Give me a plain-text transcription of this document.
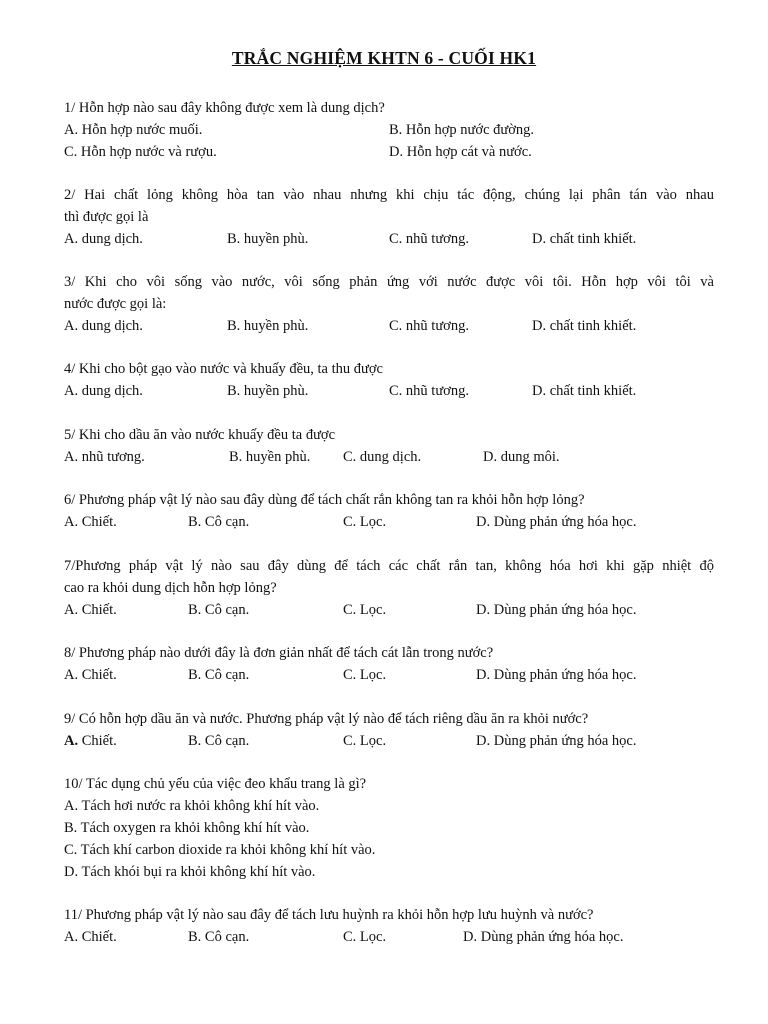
TRẮC NGHIỆM KHTN 6 - CUỐI HK1
1/ Hỗn hợp nào sau đây không được xem là dung dịch?
A. Hỗn hợp nước muối.	B. Hỗn hợp nước đường.
C. Hỗn hợp nước và rượu.	D. Hỗn hợp cát và nước.
2/ Hai chất lỏng không hòa tan vào nhau nhưng khi chịu tác động, chúng lại phân tán vào nhau
thì được gọi là
A. dung dịch.	B. huyền phù.	C. nhũ tương.	D. chất tinh khiết.
3/ Khi cho vôi sống vào nước, vôi sống phản ứng với nước được vôi tôi. Hỗn hợp vôi tôi và
nước được gọi là:
A. dung dịch.	B. huyền phù.	C. nhũ tương.	D. chất tinh khiết.
4/ Khi cho bột gạo vào nước và khuấy đều, ta thu được
A. dung dịch.	B. huyền phù.	C. nhũ tương.	D. chất tinh khiết.
5/ Khi cho dầu ăn vào nước khuấy đều ta được
A. nhũ tương.	B. huyền phù. C. dung dịch.	D. dung môi.
6/ Phương pháp vật lý nào sau đây dùng để tách chất rắn không tan ra khỏi hỗn hợp lỏng?
A. Chiết.	B. Cô cạn.	C. Lọc.	D. Dùng phản ứng hóa học.
7/Phương pháp vật lý nào sau đây dùng để tách các chất rắn tan, không hóa hơi khi gặp nhiệt độ
cao ra khỏi dung dịch hỗn hợp lỏng?
A. Chiết.	B. Cô cạn.	C. Lọc.	D. Dùng phản ứng hóa học.
8/ Phương pháp nào dưới đây là đơn giản nhất để tách cát lẫn trong nước?
A. Chiết.	B. Cô cạn.	C. Lọc.	D. Dùng phản ứng hóa học.
9/ Có hỗn hợp dầu ăn và nước. Phương pháp vật lý nào để tách riêng dầu ăn ra khỏi nước?
A. Chiết.	B. Cô cạn.	C. Lọc.	D. Dùng phản ứng hóa học.
10/ Tác dụng chủ yếu của việc đeo khẩu trang là gì?
A. Tách hơi nước ra khỏi không khí hít vào.
B. Tách oxygen ra khỏi không khí hít vào.
C. Tách khí carbon dioxide ra khỏi không khí hít vào.
D. Tách khói bụi ra khỏi không khí hít vào.
11/ Phương pháp vật lý nào sau đây để tách lưu huỳnh ra khỏi hỗn hợp lưu huỳnh và nước?
A. Chiết.	B. Cô cạn.	C. Lọc.	D. Dùng phản ứng hóa học.
